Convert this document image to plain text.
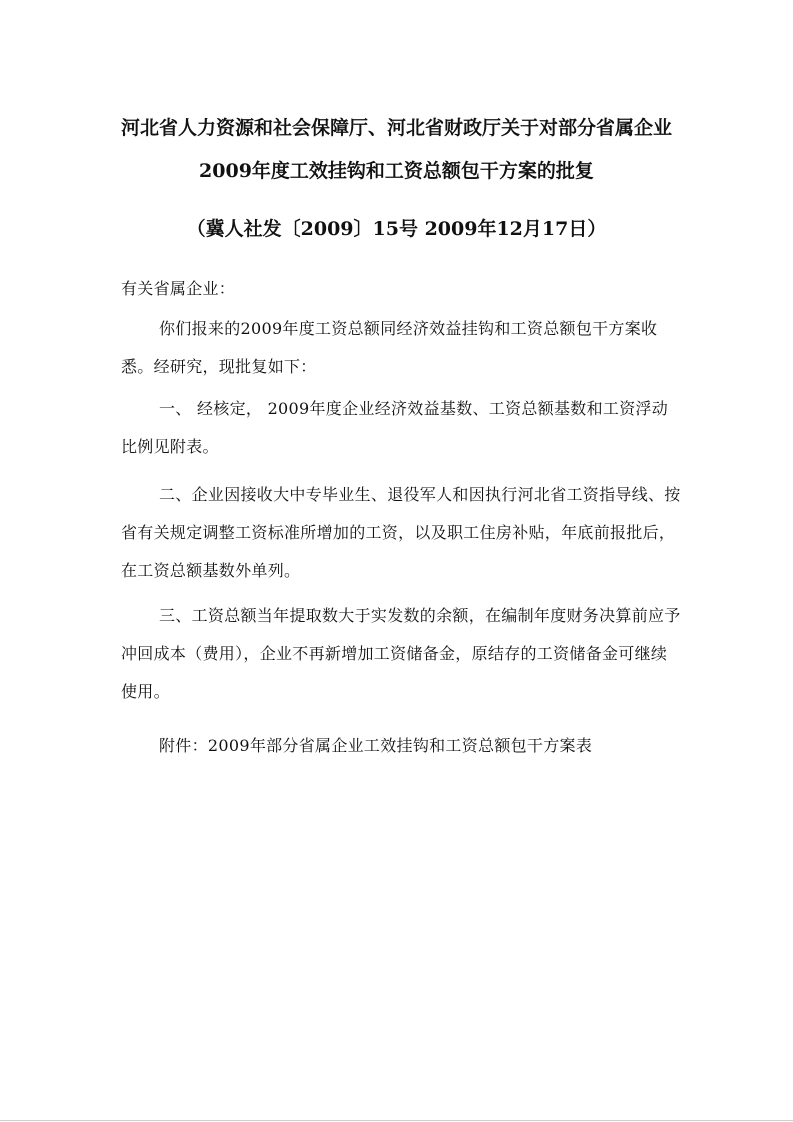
河北省人力资源和社会保障厅、河北省财政厅关于对部分省属企业
2009年度工效挂钩和工资总额包干方案的批复
（冀人社发〔2009〕15号 2009年12月17日）
有关省属企业：

你们报来的2009年度工资总额同经济效益挂钩和工资总额包干方案收悉。经研究，现批复如下：

一、 经核定， 2009年度企业经济效益基数、工资总额基数和工资浮动比例见附表。

二、企业因接收大中专毕业生、退役军人和因执行河北省工资指导线、按省有关规定调整工资标准所增加的工资，以及职工住房补贴，年底前报批后，在工资总额基数外单列。

三、工资总额当年提取数大于实发数的余额，在编制年度财务决算前应予冲回成本（费用），企业不再新增加工资储备金，原结存的工资储备金可继续使用。

附件：2009年部分省属企业工效挂钩和工资总额包干方案表
